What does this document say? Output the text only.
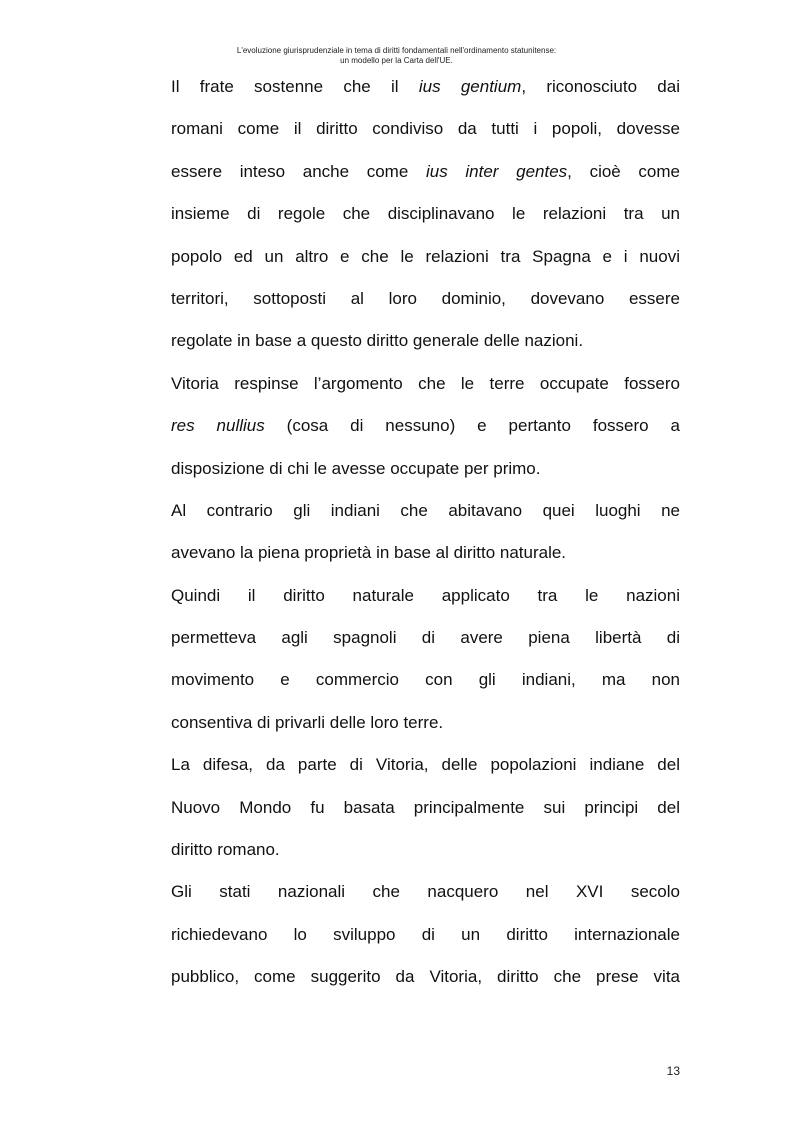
L'evoluzione giurisprudenziale in tema di diritti fondamentali nell'ordinamento statunitense:
un modello per la Carta dell'UE.
Il frate sostenne che il ius gentium, riconosciuto dai
romani come il diritto condiviso da tutti i popoli, dovesse
essere inteso anche come ius inter gentes, cioè come
insieme di regole che disciplinavano le relazioni tra un
popolo ed un altro e che le relazioni tra Spagna e i nuovi
territori, sottoposti al loro dominio, dovevano essere
regolate in base a questo diritto generale delle nazioni.
Vitoria respinse l’argomento che le terre occupate fossero
res nullius (cosa di nessuno) e pertanto fossero a
disposizione di chi le avesse occupate per primo.
Al contrario gli indiani che abitavano quei luoghi ne
avevano la piena proprietà in base al diritto naturale.
Quindi il diritto naturale applicato tra le nazioni
permetteva agli spagnoli di avere piena libertà di
movimento e commercio con gli indiani, ma non
consentiva di privarli delle loro terre.
La difesa, da parte di Vitoria, delle popolazioni indiane del
Nuovo Mondo fu basata principalmente sui principi del
diritto romano.
Gli stati nazionali che nacquero nel XVI secolo
richiedevano lo sviluppo di un diritto internazionale
pubblico, come suggerito da Vitoria, diritto che prese vita
13
